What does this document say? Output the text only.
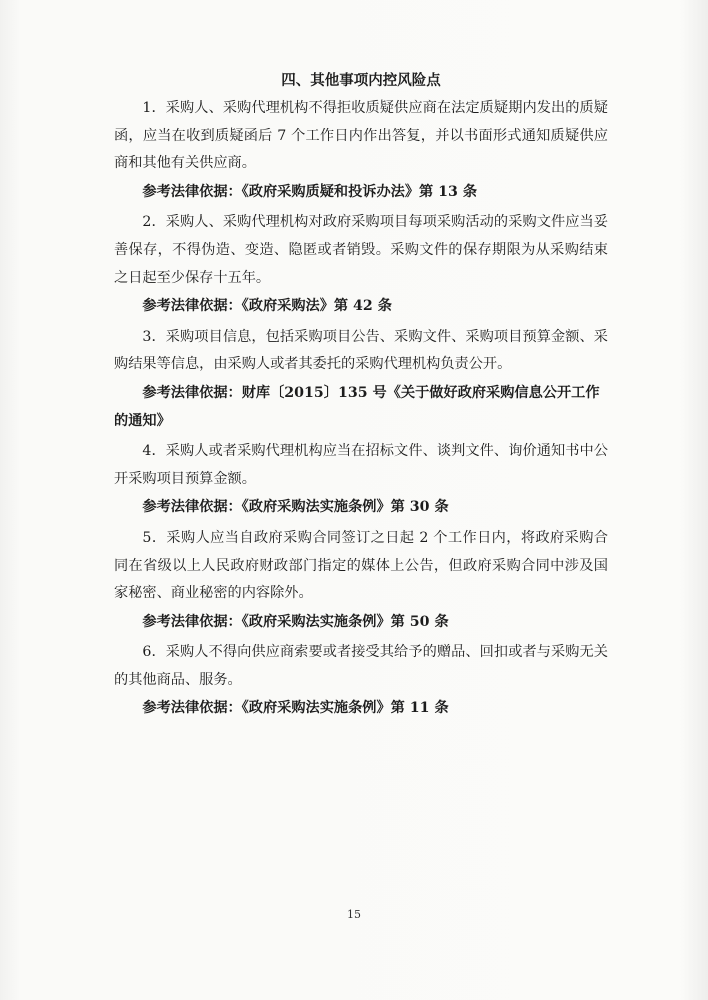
四、其他事项内控风险点

1．采购人、采购代理机构不得拒收质疑供应商在法定质疑期内发出的质疑函，应当在收到质疑函后 7 个工作日内作出答复，并以书面形式通知质疑供应商和其他有关供应商。

参考法律依据：《政府采购质疑和投诉办法》第 13 条

2．采购人、采购代理机构对政府采购项目每项采购活动的采购文件应当妥善保存，不得伪造、变造、隐匿或者销毁。采购文件的保存期限为从采购结束之日起至少保存十五年。

参考法律依据：《政府采购法》第 42 条

3．采购项目信息，包括采购项目公告、采购文件、采购项目预算金额、采购结果等信息，由采购人或者其委托的采购代理机构负责公开。

参考法律依据：财库〔2015〕135 号《关于做好政府采购信息公开工作的通知》

4．采购人或者采购代理机构应当在招标文件、谈判文件、询价通知书中公开采购项目预算金额。

参考法律依据：《政府采购法实施条例》第 30 条

5．采购人应当自政府采购合同签订之日起 2 个工作日内，将政府采购合同在省级以上人民政府财政部门指定的媒体上公告，但政府采购合同中涉及国家秘密、商业秘密的内容除外。

参考法律依据：《政府采购法实施条例》第 50 条

6．采购人不得向供应商索要或者接受其给予的赠品、回扣或者与采购无关的其他商品、服务。

参考法律依据：《政府采购法实施条例》第 11 条

15
